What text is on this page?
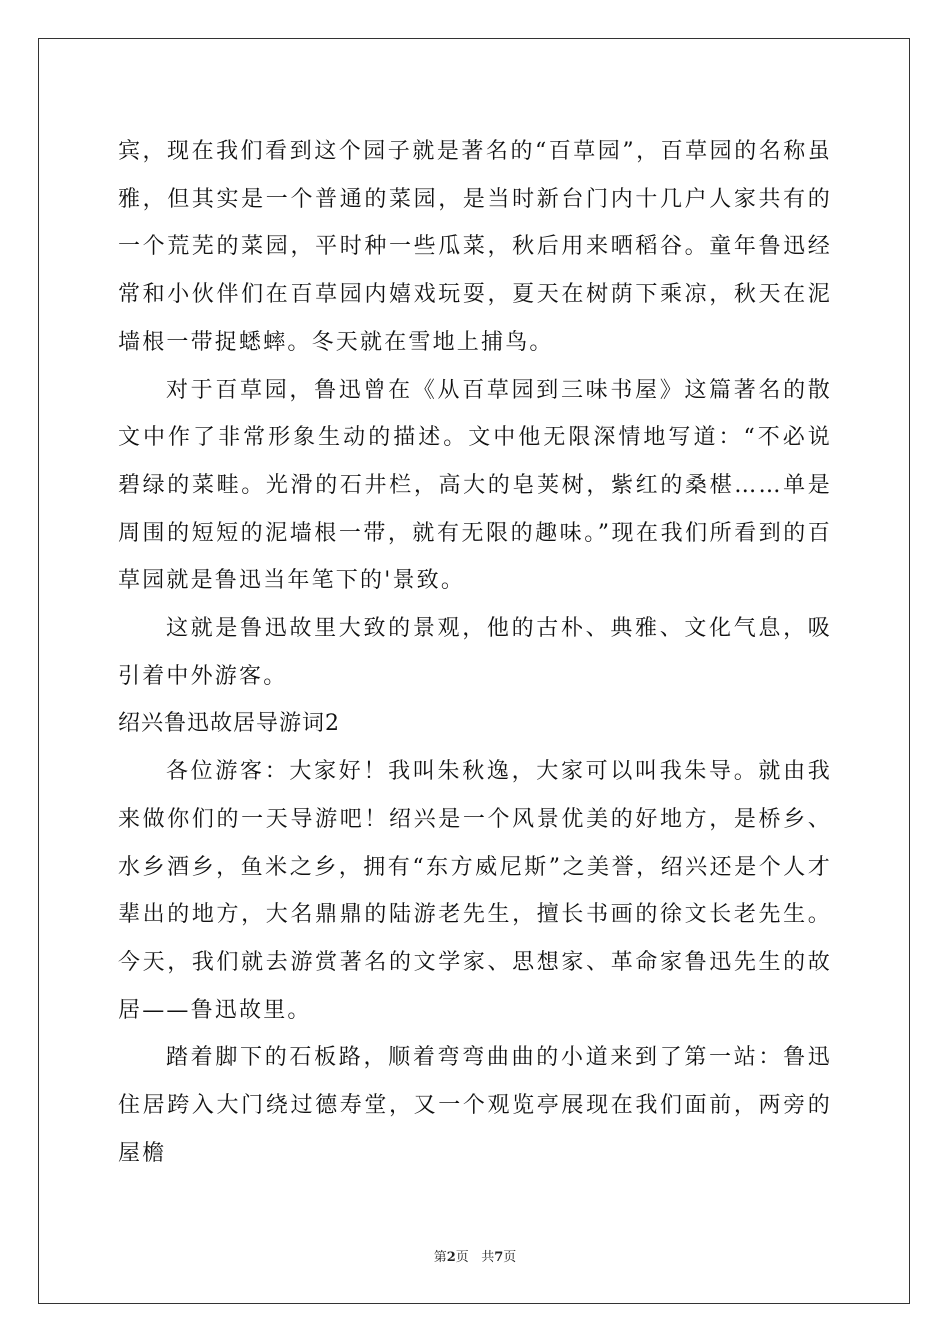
宾，现在我们看到这个园子就是著名的“百草园”，百草园的名称虽雅，但其实是一个普通的菜园，是当时新台门内十几户人家共有的一个荒芜的菜园，平时种一些瓜菜，秋后用来晒稻谷。童年鲁迅经常和小伙伴们在百草园内嬉戏玩耍，夏天在树荫下乘凉，秋天在泥墙根一带捉蟋蟀。冬天就在雪地上捕鸟。

对于百草园，鲁迅曾在《从百草园到三味书屋》这篇著名的散文中作了非常形象生动的描述。文中他无限深情地写道：“不必说碧绿的菜畦。光滑的石井栏，高大的皂荚树，紫红的桑椹……单是周围的短短的泥墙根一带，就有无限的趣味。”现在我们所看到的百草园就是鲁迅当年笔下的'景致。

这就是鲁迅故里大致的景观，他的古朴、典雅、文化气息，吸引着中外游客。

绍兴鲁迅故居导游词2

各位游客：大家好！我叫朱秋逸，大家可以叫我朱导。就由我来做你们的一天导游吧！绍兴是一个风景优美的好地方，是桥乡、水乡酒乡，鱼米之乡，拥有“东方威尼斯”之美誉，绍兴还是个人才辈出的地方，大名鼎鼎的陆游老先生，擅长书画的徐文长老先生。今天，我们就去游赏著名的文学家、思想家、革命家鲁迅先生的故居——鲁迅故里。

踏着脚下的石板路，顺着弯弯曲曲的小道来到了第一站：鲁迅住居跨入大门绕过德寿堂，又一个观览亭展现在我们面前，两旁的屋檐

第2页 共7页
